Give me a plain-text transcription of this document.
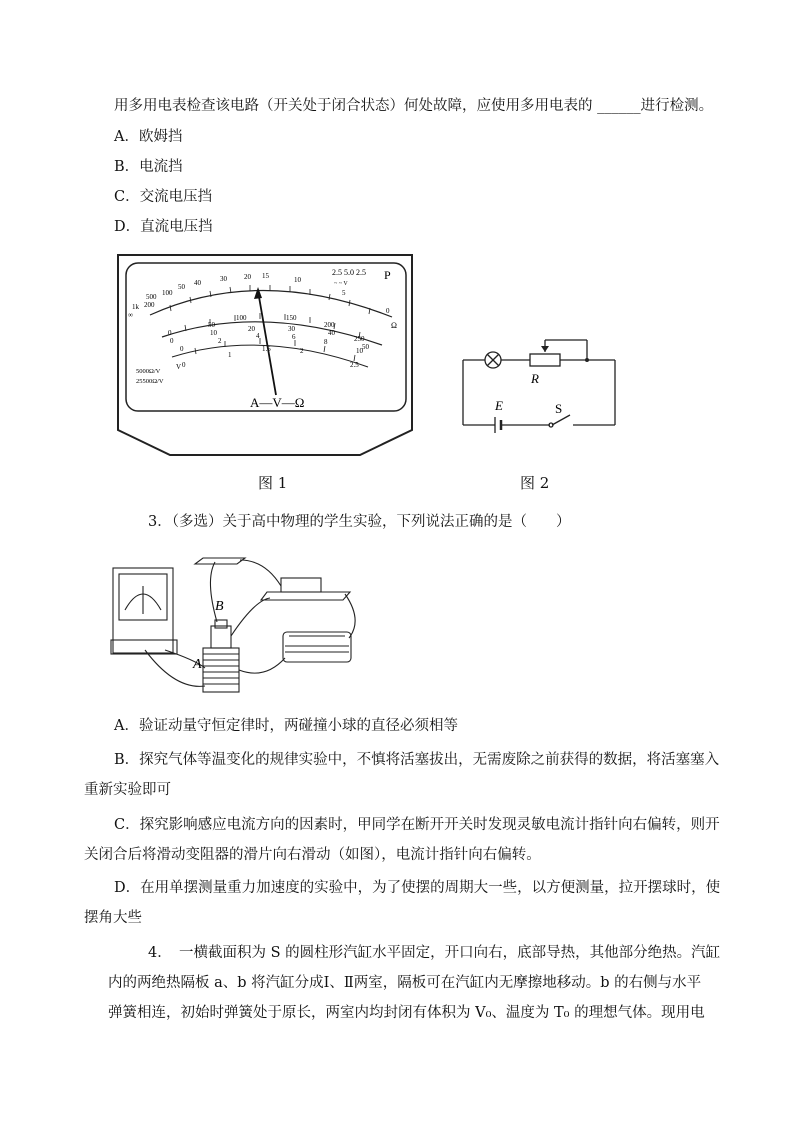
用多用电表检查该电路（开关处于闭合状态）何处故障，应使用多用电表的 ______进行检测。
A．欧姆挡
B．电流挡
C．交流电压挡
D．直流电压挡
∞
1k
500
200
100
50 40	30 20 15	10
5
0
Ω
0
50
100	150
200
250
0
10	20	30	40
50
0
2
4	6
8
10
0
1
1.5	2
2.5
V
5000Ω/V
25500Ω/V
2.5 5.0 2.5 P
~ ~ V
A—V—Ω
图 1
R
E	S
图 2
3．（多选）关于高中物理的学生实验，下列说法正确的是（　　）
B
A
A．验证动量守恒定律时，两碰撞小球的直径必须相等
B．探究气体等温变化的规律实验中，不慎将活塞拔出，无需废除之前获得的数据，将活塞塞入
重新实验即可
C．探究影响感应电流方向的因素时，甲同学在断开开关时发现灵敏电流计指针向右偏转，则开
关闭合后将滑动变阻器的滑片向右滑动（如图），电流计指针向右偏转。
D．在用单摆测量重力加速度的实验中，为了使摆的周期大一些，以方便测量，拉开摆球时，使
摆角大些
4．　一横截面积为 S 的圆柱形汽缸水平固定，开口向右，底部导热，其他部分绝热。汽缸
内的两绝热隔板 a、b 将汽缸分成Ⅰ、Ⅱ两室，隔板可在汽缸内无摩擦地移动。b 的右侧与水平
弹簧相连，初始时弹簧处于原长，两室内均封闭有体积为 V₀、温度为 T₀ 的理想气体。现用电
